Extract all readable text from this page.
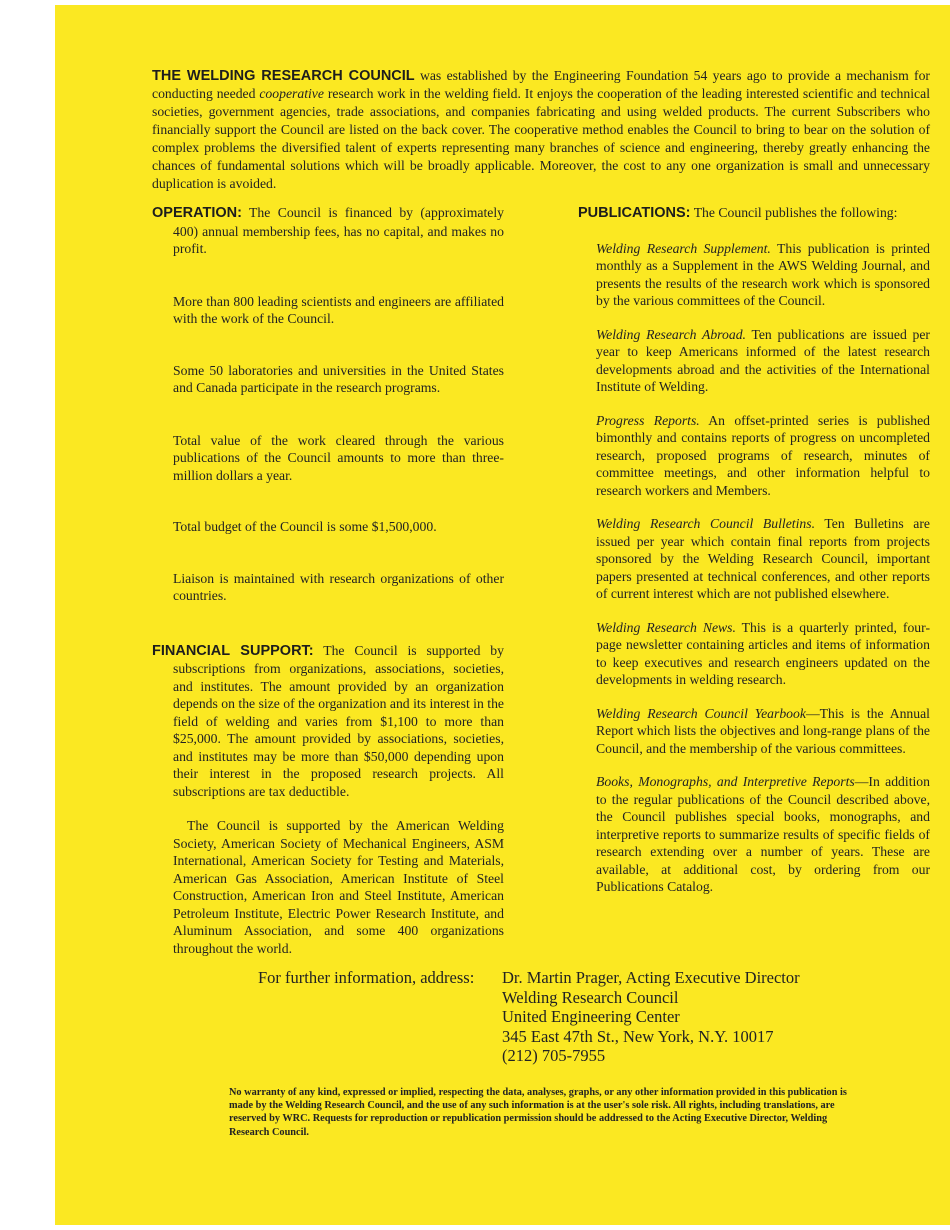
THE WELDING RESEARCH COUNCIL was established by the Engineering Foundation 54 years ago to provide a mechanism for conducting needed cooperative research work in the welding field. It enjoys the cooperation of the leading interested scientific and technical societies, government agencies, trade associations, and companies fabricating and using welded products. The current Subscribers who financially support the Council are listed on the back cover. The cooperative method enables the Council to bring to bear on the solution of complex problems the diversified talent of experts representing many branches of science and engineering, thereby greatly enhancing the chances of fundamental solutions which will be broadly applicable. Moreover, the cost to any one organization is small and unnecessary duplication is avoided.

OPERATION: The Council is financed by (approximately 400) annual membership fees, has no capital, and makes no profit.

More than 800 leading scientists and engineers are affiliated with the work of the Council.

Some 50 laboratories and universities in the United States and Canada participate in the research programs.

Total value of the work cleared through the various publications of the Council amounts to more than three-million dollars a year.

Total budget of the Council is some $1,500,000.

Liaison is maintained with research organizations of other countries.

FINANCIAL SUPPORT: The Council is supported by subscriptions from organizations, associations, societies, and institutes. The amount provided by an organization depends on the size of the organization and its interest in the field of welding and varies from $1,100 to more than $25,000. The amount provided by associations, societies, and institutes may be more than $50,000 depending upon their interest in the proposed research projects. All subscriptions are tax deductible.

The Council is supported by the American Welding Society, American Society of Mechanical Engineers, ASM International, American Society for Testing and Materials, American Gas Association, American Institute of Steel Construction, American Iron and Steel Institute, American Petroleum Institute, Electric Power Research Institute, and Aluminum Association, and some 400 organizations throughout the world.

PUBLICATIONS: The Council publishes the following:

Welding Research Supplement. This publication is printed monthly as a Supplement in the AWS Welding Journal, and presents the results of the research work which is sponsored by the various committees of the Council.

Welding Research Abroad. Ten publications are issued per year to keep Americans informed of the latest research developments abroad and the activities of the International Institute of Welding.

Progress Reports. An offset-printed series is published bimonthly and contains reports of progress on uncompleted research, proposed programs of research, minutes of committee meetings, and other information helpful to research workers and Members.

Welding Research Council Bulletins. Ten Bulletins are issued per year which contain final reports from projects sponsored by the Welding Research Council, important papers presented at technical conferences, and other reports of current interest which are not published elsewhere.

Welding Research News. This is a quarterly printed, four-page newsletter containing articles and items of information to keep executives and research engineers updated on the developments in welding research.

Welding Research Council Yearbook—This is the Annual Report which lists the objectives and long-range plans of the Council, and the membership of the various committees.

Books, Monographs, and Interpretive Reports—In addition to the regular publications of the Council described above, the Council publishes special books, monographs, and interpretive reports to summarize results of specific fields of research extending over a number of years. These are available, at additional cost, by ordering from our Publications Catalog.

For further information, address: Dr. Martin Prager, Acting Executive Director
Welding Research Council
United Engineering Center
345 East 47th St., New York, N.Y. 10017
(212) 705-7955
No warranty of any kind, expressed or implied, respecting the data, analyses, graphs, or any other information provided in this publication is made by the Welding Research Council, and the use of any such information is at the user's sole risk. All rights, including translations, are reserved by WRC. Requests for reproduction or republication permission should be addressed to the Acting Executive Director, Welding Research Council.
